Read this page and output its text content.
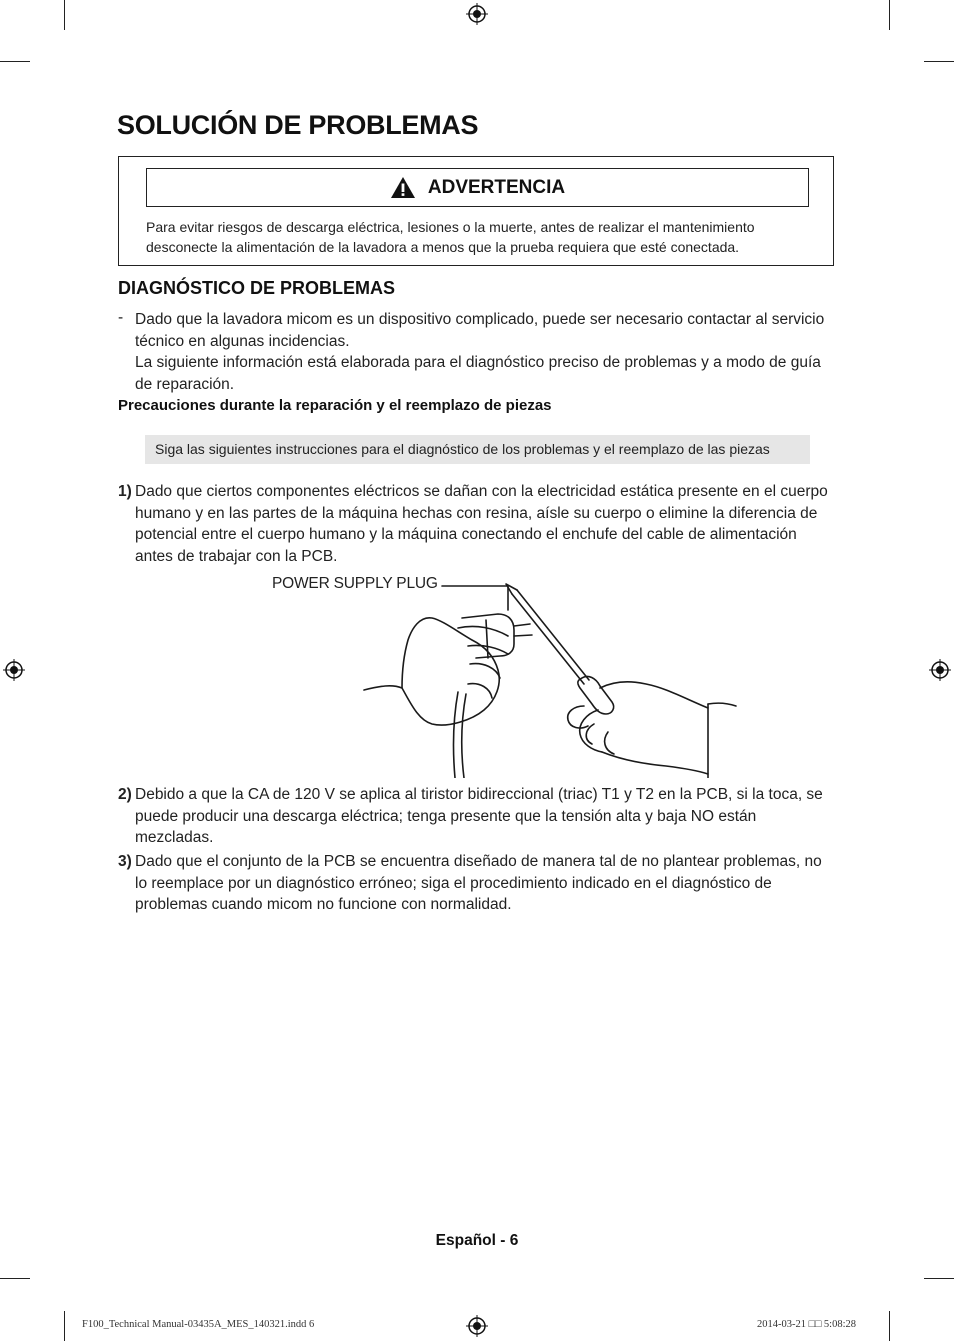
SOLUCIÓN DE PROBLEMAS
ADVERTENCIA

Para evitar riesgos de descarga eléctrica, lesiones o la muerte, antes de realizar el mantenimiento desconecte la alimentación de la lavadora a menos que la prueba requiera que esté conectada.

DIAGNÓSTICO DE PROBLEMAS
- Dado que la lavadora micom es un dispositivo complicado, puede ser necesario contactar al servicio técnico en algunas incidencias.

La siguiente información está elaborada para el diagnóstico preciso de problemas y a modo de guía de reparación.

Precauciones durante la reparación y el reemplazo de piezas
Siga las siguientes instrucciones para el diagnóstico de los problemas y el reemplazo de las piezas
1) Dado que ciertos componentes eléctricos se dañan con la electricidad estática presente en el cuerpo humano y en las partes de la máquina hechas con resina, aísle su cuerpo o elimine la diferencia de potencial entre el cuerpo humano y la máquina conectando el enchufe del cable de alimentación antes de trabajar con la PCB.
POWER SUPPLY PLUG
2) Debido a que la CA de 120 V se aplica al tiristor bidireccional (triac) T1 y T2 en la PCB, si la toca, se puede producir una descarga eléctrica; tenga presente que la tensión alta y baja NO están mezcladas.
3) Dado que el conjunto de la PCB se encuentra diseñado de manera tal de no plantear problemas, no lo reemplace por un diagnóstico erróneo; siga el procedimiento indicado en el diagnóstico de problemas cuando micom no funcione con normalidad.
Español - 6
F100_Technical Manual-03435A_MES_140321.indd 6	2014-03-21 □□ 5:08:28
